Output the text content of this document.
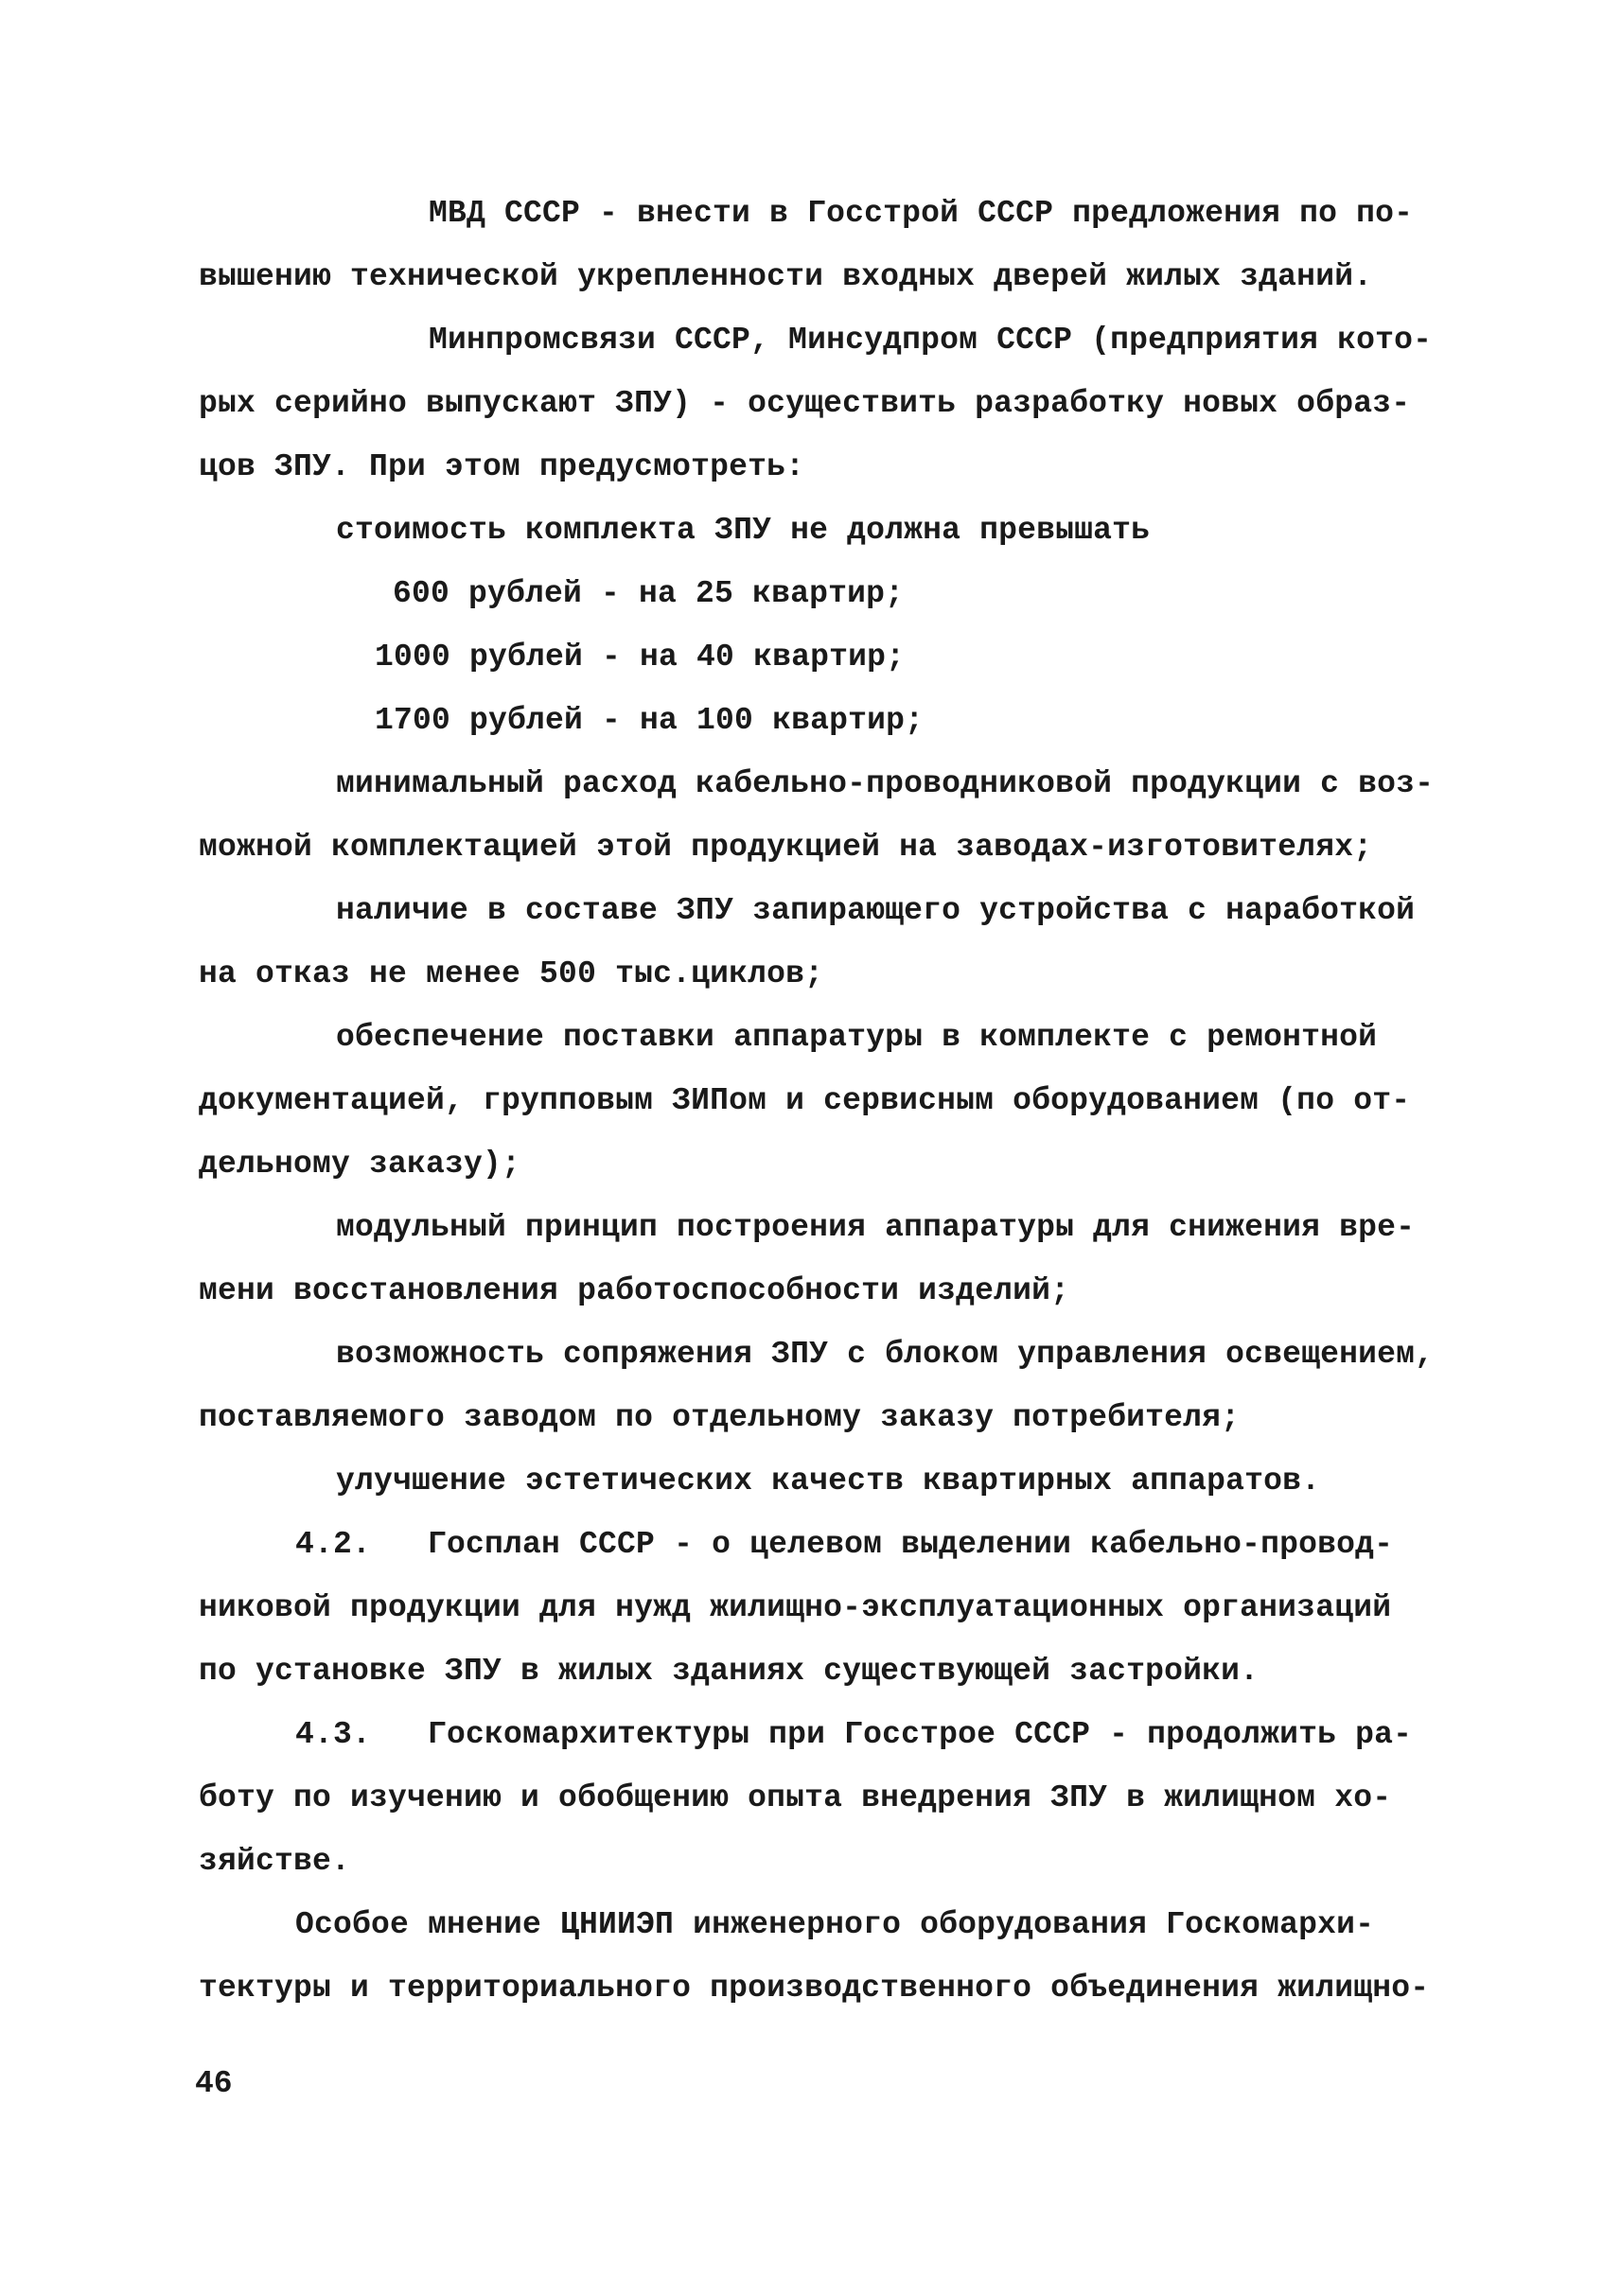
МВД СССР - внести в Госстрой СССР предложения по по-
вышению технической укрепленности входных дверей жилых зданий.
Минпромсвязи СССР, Минсудпром СССР (предприятия кото-
рых серийно выпускают ЗПУ) - осуществить разработку новых образ-
цов ЗПУ. При этом предусмотреть:
стоимость комплекта ЗПУ не должна превышать
600 рублей - на 25 квартир;
1000 рублей - на 40 квартир;
1700 рублей - на 100 квартир;
минимальный расход кабельно-проводниковой продукции с воз-
можной комплектацией этой продукцией на заводах-изготовителях;
наличие в составе ЗПУ запирающего устройства с наработкой
на отказ не менее 500 тыс.циклов;
обеспечение поставки аппаратуры в комплекте с ремонтной
документацией, групповым ЗИПом и сервисным оборудованием (по от-
дельному заказу);
модульный принцип построения аппаратуры для снижения вре-
мени восстановления работоспособности изделий;
возможность сопряжения ЗПУ с блоком управления освещением,
поставляемого заводом по отдельному заказу потребителя;
улучшение эстетических качеств квартирных аппаратов.
4.2.   Госплан СССР - о целевом выделении кабельно-провод-
никовой продукции для нужд жилищно-эксплуатационных организаций
по установке ЗПУ в жилых зданиях существующей застройки.
4.3.   Госкомархитектуры при Госстрое СССР - продолжить ра-
боту по изучению и обобщению опыта внедрения ЗПУ в жилищном хо-
зяйстве.
Особое мнение ЦНИИЭП инженерного оборудования Госкомархи-
тектуры и территориального производственного объединения жилищно-
46
